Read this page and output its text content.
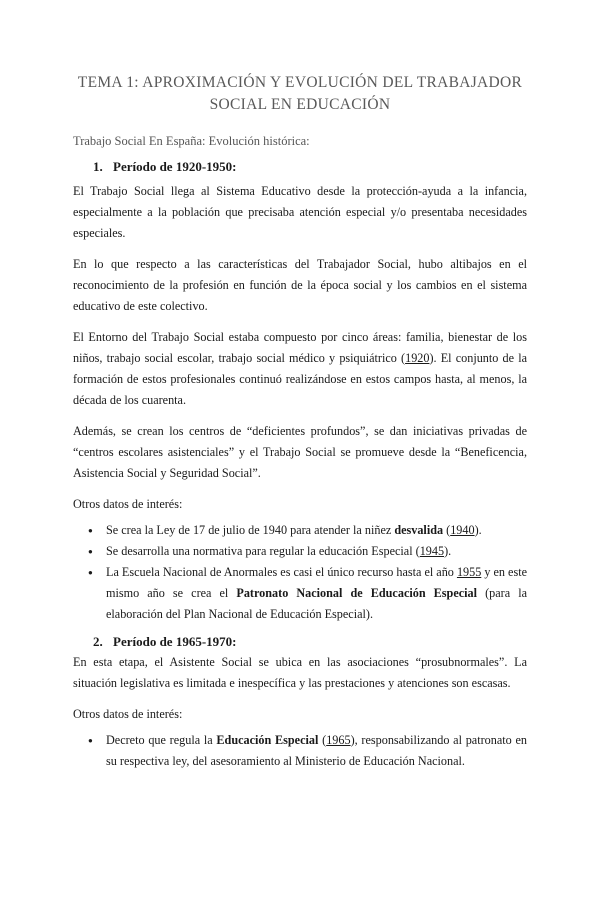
TEMA 1: APROXIMACIÓN Y EVOLUCIÓN DEL TRABAJADOR SOCIAL EN EDUCACIÓN
Trabajo Social En España: Evolución histórica:
1. Período de 1920-1950:

El Trabajo Social llega al Sistema Educativo desde la protección-ayuda a la infancia, especialmente a la población que precisaba atención especial y/o presentaba necesidades especiales.

En lo que respecto a las características del Trabajador Social, hubo altibajos en el reconocimiento de la profesión en función de la época social y los cambios en el sistema educativo de este colectivo.

El Entorno del Trabajo Social estaba compuesto por cinco áreas: familia, bienestar de los niños, trabajo social escolar, trabajo social médico y psiquiátrico (1920). El conjunto de la formación de estos profesionales continuó realizándose en estos campos hasta, al menos, la década de los cuarenta.

Además, se crean los centros de “deficientes profundos”, se dan iniciativas privadas de “centros escolares asistenciales” y el Trabajo Social se promueve desde la “Beneficencia, Asistencia Social y Seguridad Social”.

Otros datos de interés:

● Se crea la Ley de 17 de julio de 1940 para atender la niñez desvalida (1940).
● Se desarrolla una normativa para regular la educación Especial (1945).
● La Escuela Nacional de Anormales es casi el único recurso hasta el año 1955 y en este mismo año se crea el Patronato Nacional de Educación Especial (para la elaboración del Plan Nacional de Educación Especial).
2. Período de 1965-1970:

En esta etapa, el Asistente Social se ubica en las asociaciones “prosubnormales”. La situación legislativa es limitada e inespecífica y las prestaciones y atenciones son escasas.

Otros datos de interés:

● Decreto que regula la Educación Especial (1965), responsabilizando al patronato en su respectiva ley, del asesoramiento al Ministerio de Educación Nacional.
